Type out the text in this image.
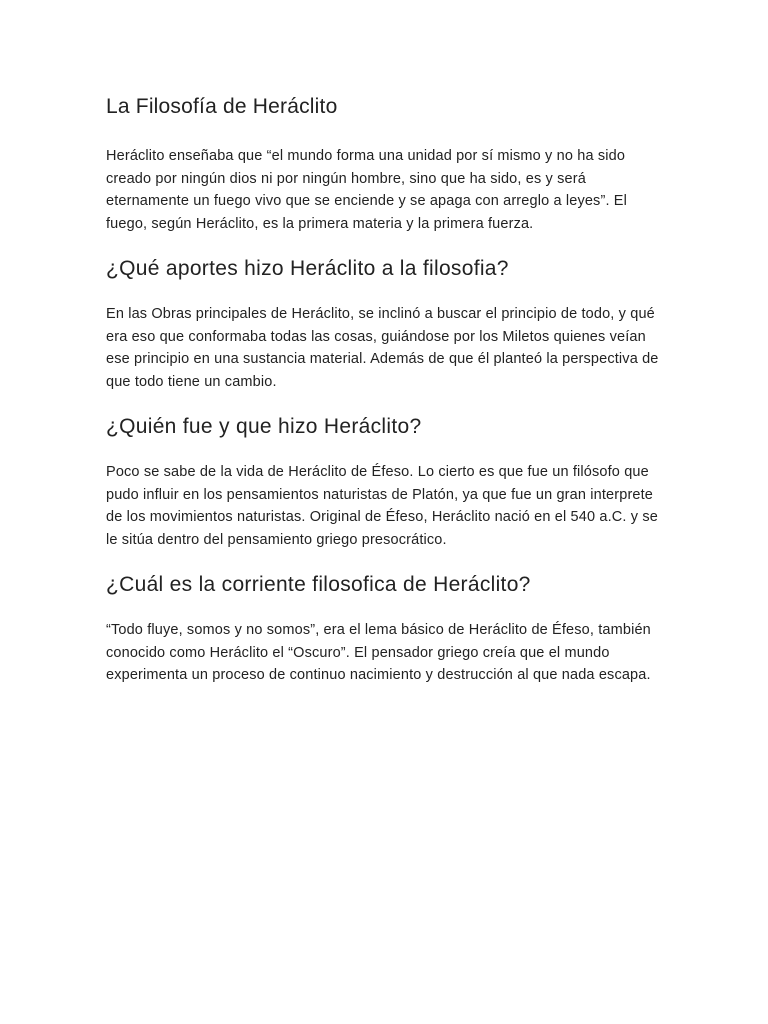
La Filosofía de Heráclito

Heráclito enseñaba que “el mundo forma una unidad por sí mismo y no ha sido creado por ningún dios ni por ningún hombre, sino que ha sido, es y será eternamente un fuego vivo que se enciende y se apaga con arreglo a leyes”. El fuego, según Heráclito, es la primera materia y la primera fuerza.

¿Qué aportes hizo Heráclito a la filosofia?

En las Obras principales de Heráclito, se inclinó a buscar el principio de todo, y qué era eso que conformaba todas las cosas, guiándose por los Miletos quienes veían ese principio en una sustancia material. Además de que él planteó la perspectiva de que todo tiene un cambio.

¿Quién fue y que hizo Heráclito?

Poco se sabe de la vida de Heráclito de Éfeso. Lo cierto es que fue un filósofo que pudo influir en los pensamientos naturistas de Platón, ya que fue un gran interprete de los movimientos naturistas. Original de Éfeso, Heráclito nació en el 540 a.C. y se le sitúa dentro del pensamiento griego presocrático.

¿Cuál es la corriente filosofica de Heráclito?

“Todo fluye, somos y no somos”, era el lema básico de Heráclito de Éfeso, también conocido como Heráclito el “Oscuro”. El pensador griego creía que el mundo experimenta un proceso de continuo nacimiento y destrucción al que nada escapa.
